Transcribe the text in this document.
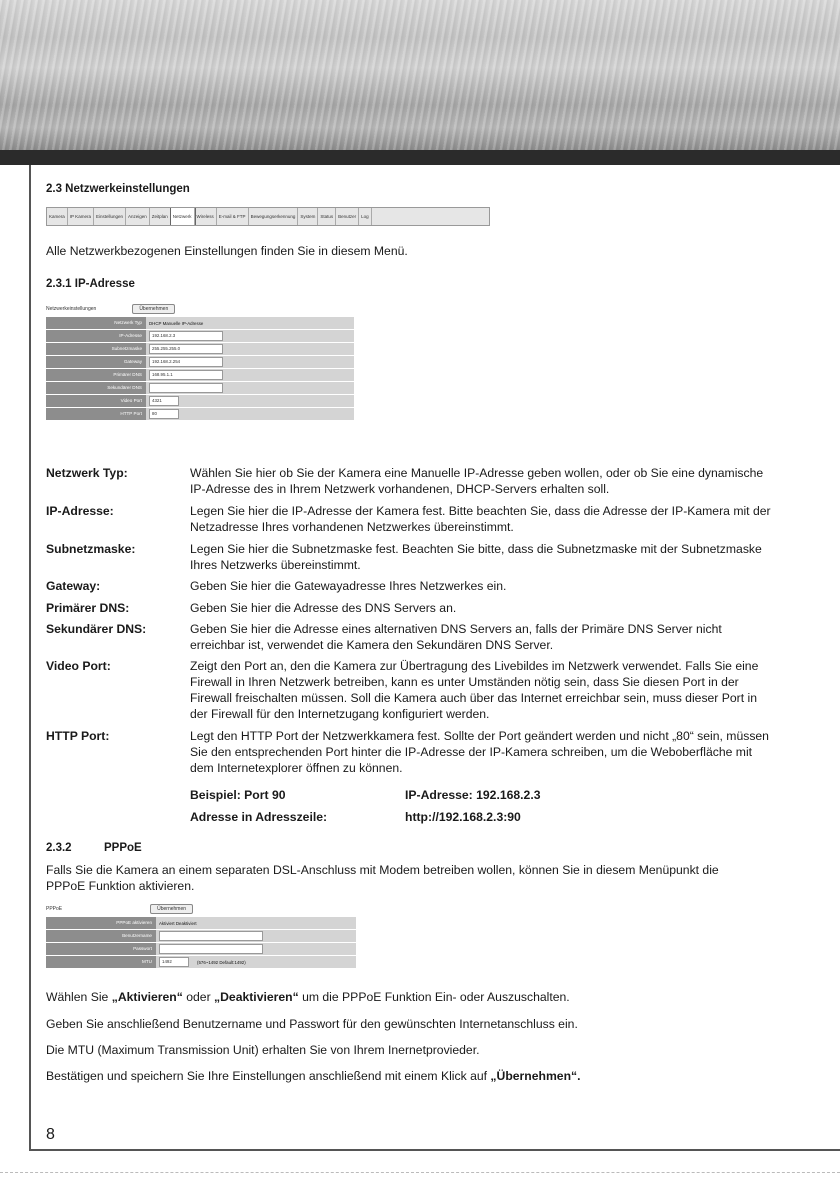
2.3 Netzwerkeinstellungen
Kamera	IP Kamera	Einstellungen	Anzeigen	Zeitplan	Netzwerk	Wireless	E-mail & FTP	Bewegungserkennung	System	Status	Benutzer	Log
Alle Netzwerkbezogenen Einstellungen finden Sie in diesem Menü.
2.3.1 IP-Adresse
Netzwerkeinstellungen	Übernehmen
Netzwerk Typ	DHCP Manuelle IP-Adresse
IP-Adresse	192.168.2.3
Subnetzmaske	255.255.255.0
Gateway	192.168.2.254
Primärer DNS	168.95.1.1
Sekundärer DNS
Video Port	4321
HTTP Port	80
Netzwerk Typ:	Wählen Sie hier ob Sie der Kamera eine Manuelle IP-Adresse geben wollen, oder ob Sie eine dynamische
IP-Adresse des in Ihrem Netzwerk vorhandenen, DHCP-Servers erhalten soll.
IP-Adresse:	Legen Sie hier die IP-Adresse der Kamera fest. Bitte beachten Sie, dass die Adresse der IP-Kamera mit der
Netzadresse Ihres vorhandenen Netzwerkes übereinstimmt.
Subnetzmaske:	Legen Sie hier die Subnetzmaske fest. Beachten Sie bitte, dass die Subnetzmaske mit der Subnetzmaske
Ihres Netzwerks übereinstimmt.
Gateway:	Geben Sie hier die Gatewayadresse Ihres Netzwerkes ein.
Primärer DNS:	Geben Sie hier die Adresse des DNS Servers an.
Sekundärer DNS:	Geben Sie hier die Adresse eines alternativen DNS Servers an, falls der Primäre DNS Server nicht
erreichbar ist, verwendet die Kamera den Sekundären DNS Server.
Video Port:	Zeigt den Port an, den die Kamera zur Übertragung des Livebildes im Netzwerk verwendet. Falls Sie eine
Firewall in Ihren Netzwerk betreiben, kann es unter Umständen nötig sein, dass Sie diesen Port in der
Firewall freischalten müssen. Soll die Kamera auch über das Internet erreichbar sein, muss dieser Port in
der Firewall für den Internetzugang konfiguriert werden.
HTTP Port:	Legt den HTTP Port der Netzwerkkamera fest. Sollte der Port geändert werden und nicht „80“ sein, müssen
Sie den entsprechenden Port hinter die IP-Adresse der IP-Kamera schreiben, um die Weboberfläche mit
dem Internetexplorer öffnen zu können.
Beispiel: Port 90	IP-Adresse: 192.168.2.3
Adresse in Adresszeile:	http://192.168.2.3:90
2.3.2	PPPoE
Falls Sie die Kamera an einem separaten DSL-Anschluss mit Modem betreiben wollen, können Sie in diesem Menüpunkt die
PPPoE Funktion aktivieren.
PPPoE	Übernehmen
PPPoE aktivieren	Aktiviert Deaktiviert
Benutzername
Passwort
MTU	1492	(576~1492 Default:1492)
Wählen Sie „Aktivieren“ oder „Deaktivieren“ um die PPPoE Funktion Ein- oder Auszuschalten.
Geben Sie anschließend Benutzername und Passwort für den gewünschten Internetanschluss ein.
Die MTU (Maximum Transmission Unit) erhalten Sie von Ihrem Inernetprovieder.
Bestätigen und speichern Sie Ihre Einstellungen anschließend mit einem Klick auf „Übernehmen“.
8
